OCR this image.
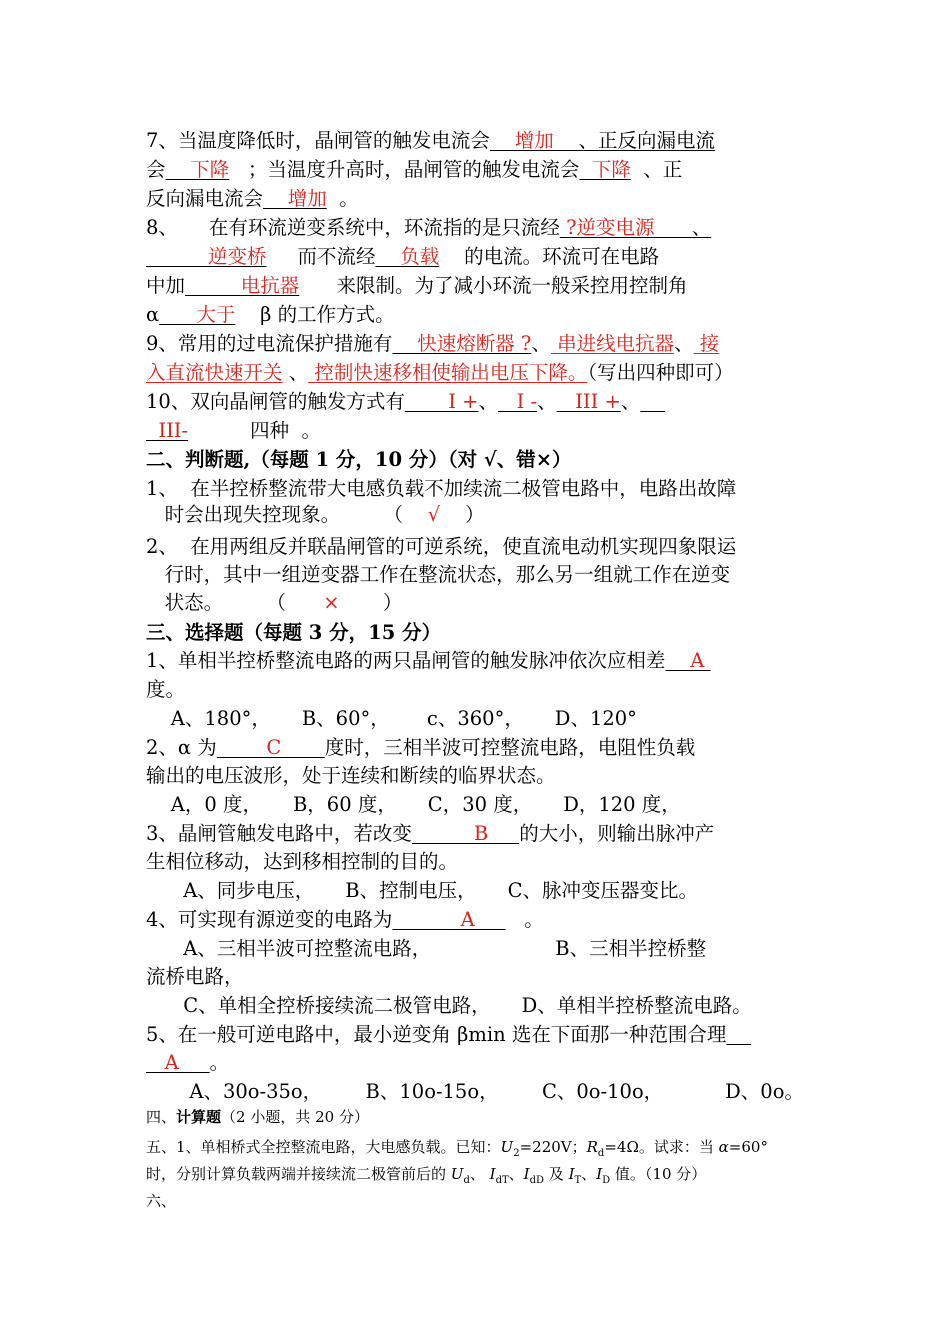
7、当温度降低时，晶闸管的触发电流会    增加    、正反向漏电流
会    下降   ；当温度升高时，晶闸管的触发电流会  下降  、正
反向漏电流会    增加  。
8、     在有环流逆变系统中，环流指的是只流经 ?逆变电源      、
逆变桥     而不流经    负载    的电流。环流可在电路
中加         电抗器      来限制。为了减小环流一般采控用控制角
α      大于    β 的工作方式。
9、常用的过电流保护措施有    快速熔断器 ?、 串进线电抗器、 接
入直流快速开关 、 控制快速移相使输出电压下降。（写出四种即可）
10、双向晶闸管的触发方式有       I +、   I -、   III +、
III-          四种  。
二、判断题,（每题 1 分，10 分）（对 √、错×）
1、  在半控桥整流带大电感负载不加续流二极管电路中，电路出故障
时会出现失控现象。       （    √    ）
2、  在用两组反并联晶闸管的可逆系统，使直流电动机实现四象限运
行时，其中一组逆变器工作在整流状态，那么另一组就工作在逆变
状态。       （      ×       ）
三、选择题（每题 3 分，15 分）
1、单相半控桥整流电路的两只晶闸管的触发脉冲依次应相差    A
度。
A、180°，     B、60°，      c、360°，     D、120°
2、α 为        C       度时，三相半波可控整流电路，电阻性负载
输出的电压波形，处于连续和断续的临界状态。
A，0 度，     B，60 度，     C，30 度，     D，120 度，
3、晶闸管触发电路中，若改变          B     的大小，则输出脉冲产
生相位移动，达到移相控制的目的。
A、同步电压，     B、控制电压，     C、脉冲变压器变比。
4、可实现有源逆变的电路为           A        。
A、三相半波可控整流电路，                    B、三相半控桥整
流桥电路，
C、单相全控桥接续流二极管电路，     D、单相半控桥整流电路。
5、在一般可逆电路中，最小逆变角 βmin 选在下面那一种范围合理
A     。
A、30o-35o，       B、10o-15o，       C、0o-10o，          D、0o。
四、计算题（2 小题，共 20 分）
五、1、单相桥式全控整流电路，大电感负载。已知：$U_2=220V$；$R_d=4\Omega$。试求：当 α=60°
时，分别计算负载两端并接续流二极管前后的 $U_d$、 $I_{dT}$、$I_{dD}$ 及 $I_T$、$I_D$ 值。（10 分）
六、
